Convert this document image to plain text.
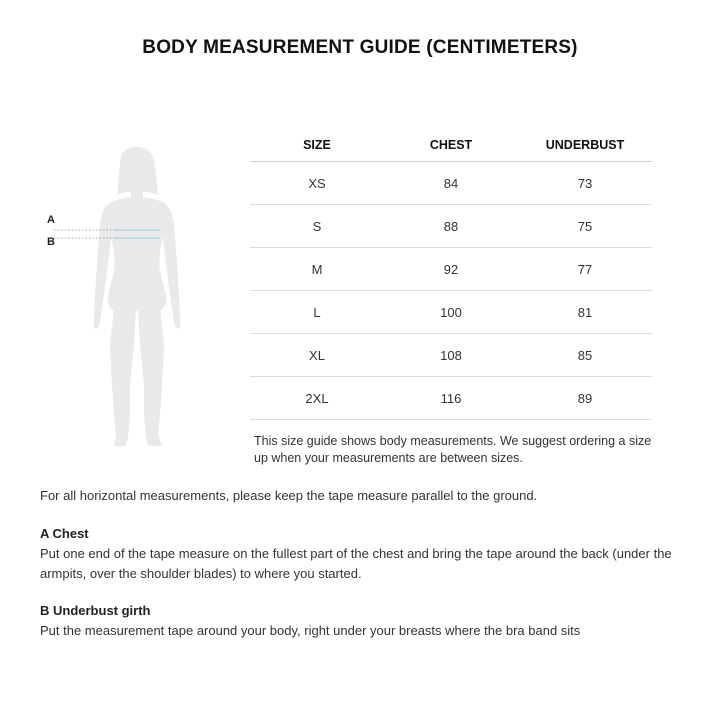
BODY MEASUREMENT GUIDE (CENTIMETERS)
A
B
SIZE	CHEST	UNDERBUST
XS	84	73
S	88	75
M	92	77
L	100	81
XL	108	85
2XL	116	89
This size guide shows body measurements. We suggest ordering a size up when your measurements are between sizes.
For all horizontal measurements, please keep the tape measure parallel to the ground.
A Chest
Put one end of the tape measure on the fullest part of the chest and bring the tape around the back (under the armpits, over the shoulder blades) to where you started.
B Underbust girth
Put the measurement tape around your body, right under your breasts where the bra band sits
